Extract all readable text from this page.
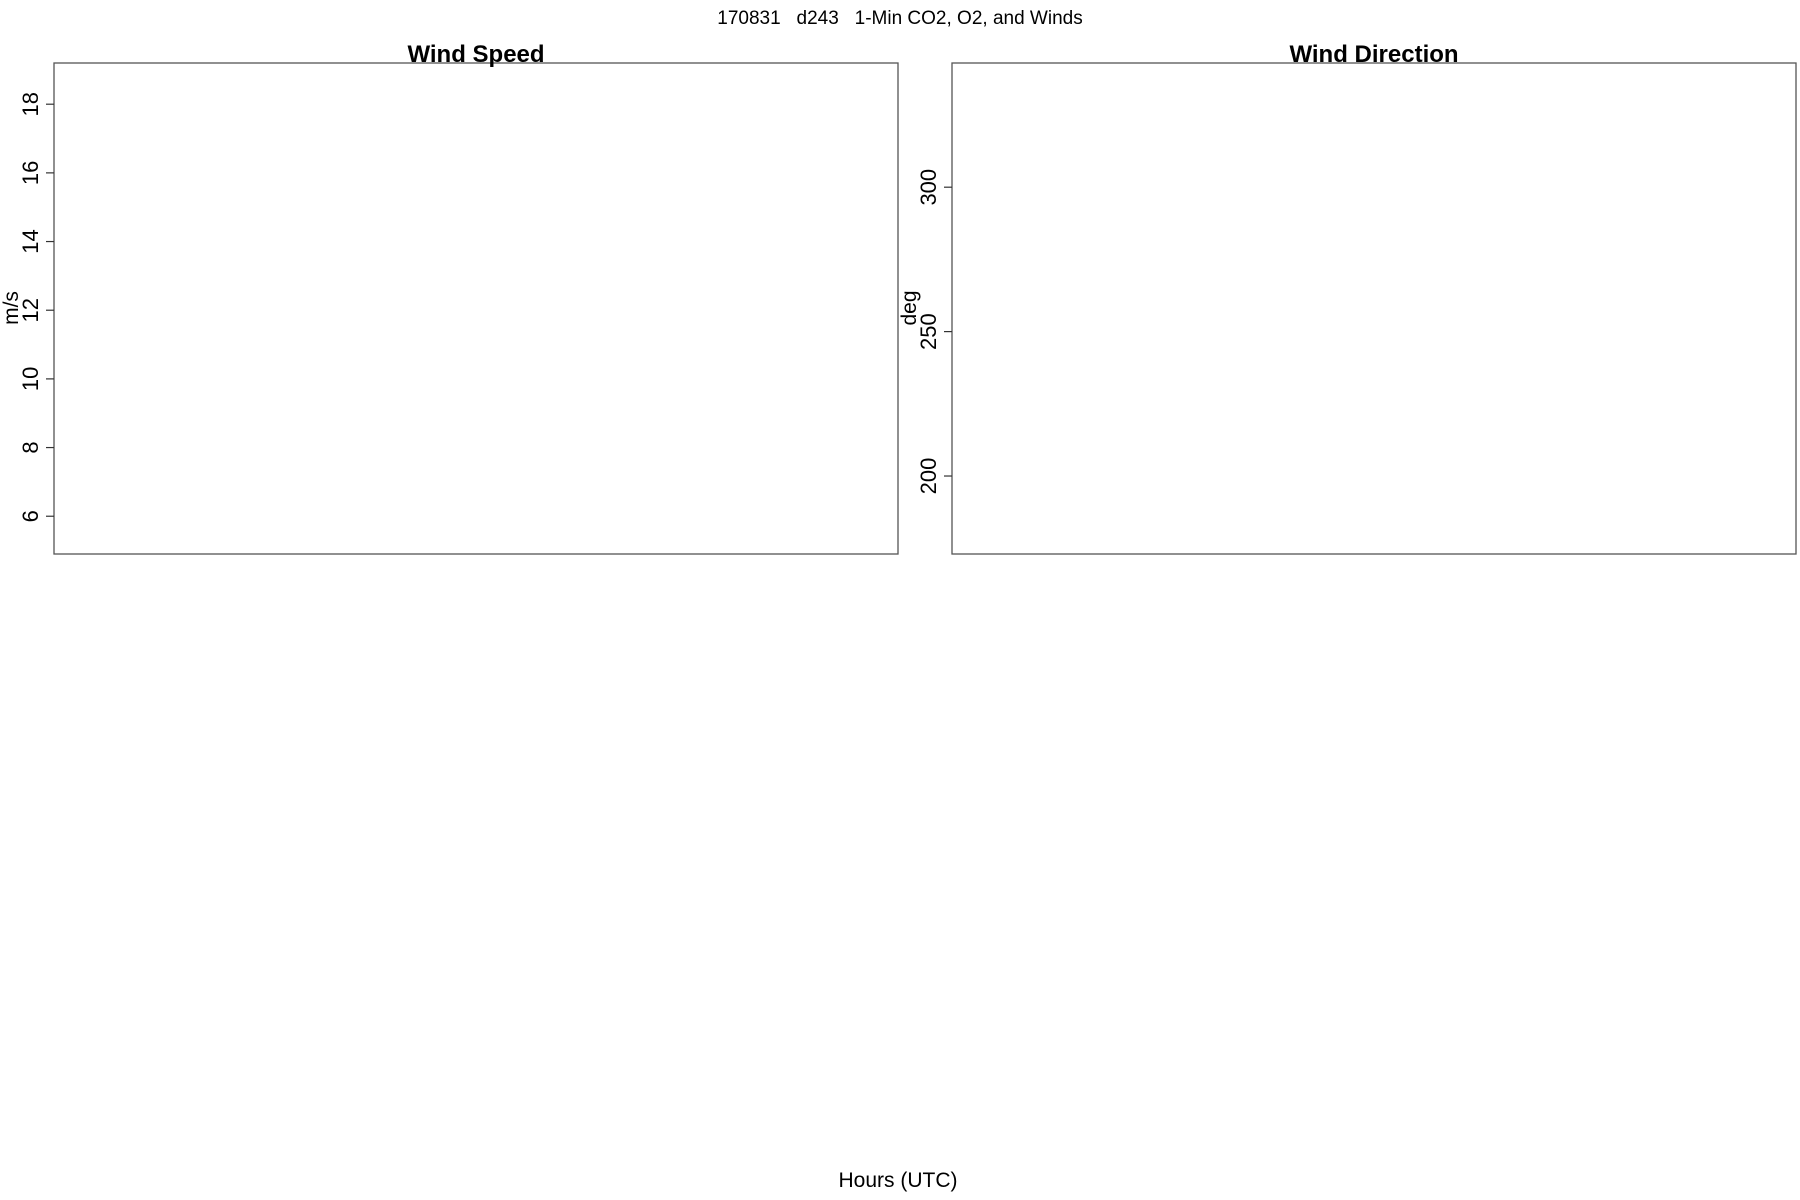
170831   d243   1-Min CO2, O2, and Winds
Wind Speed
m/s
6
8
10
12
14
16
18
Wind Direction
deg
200
250
300
Hours (UTC)
